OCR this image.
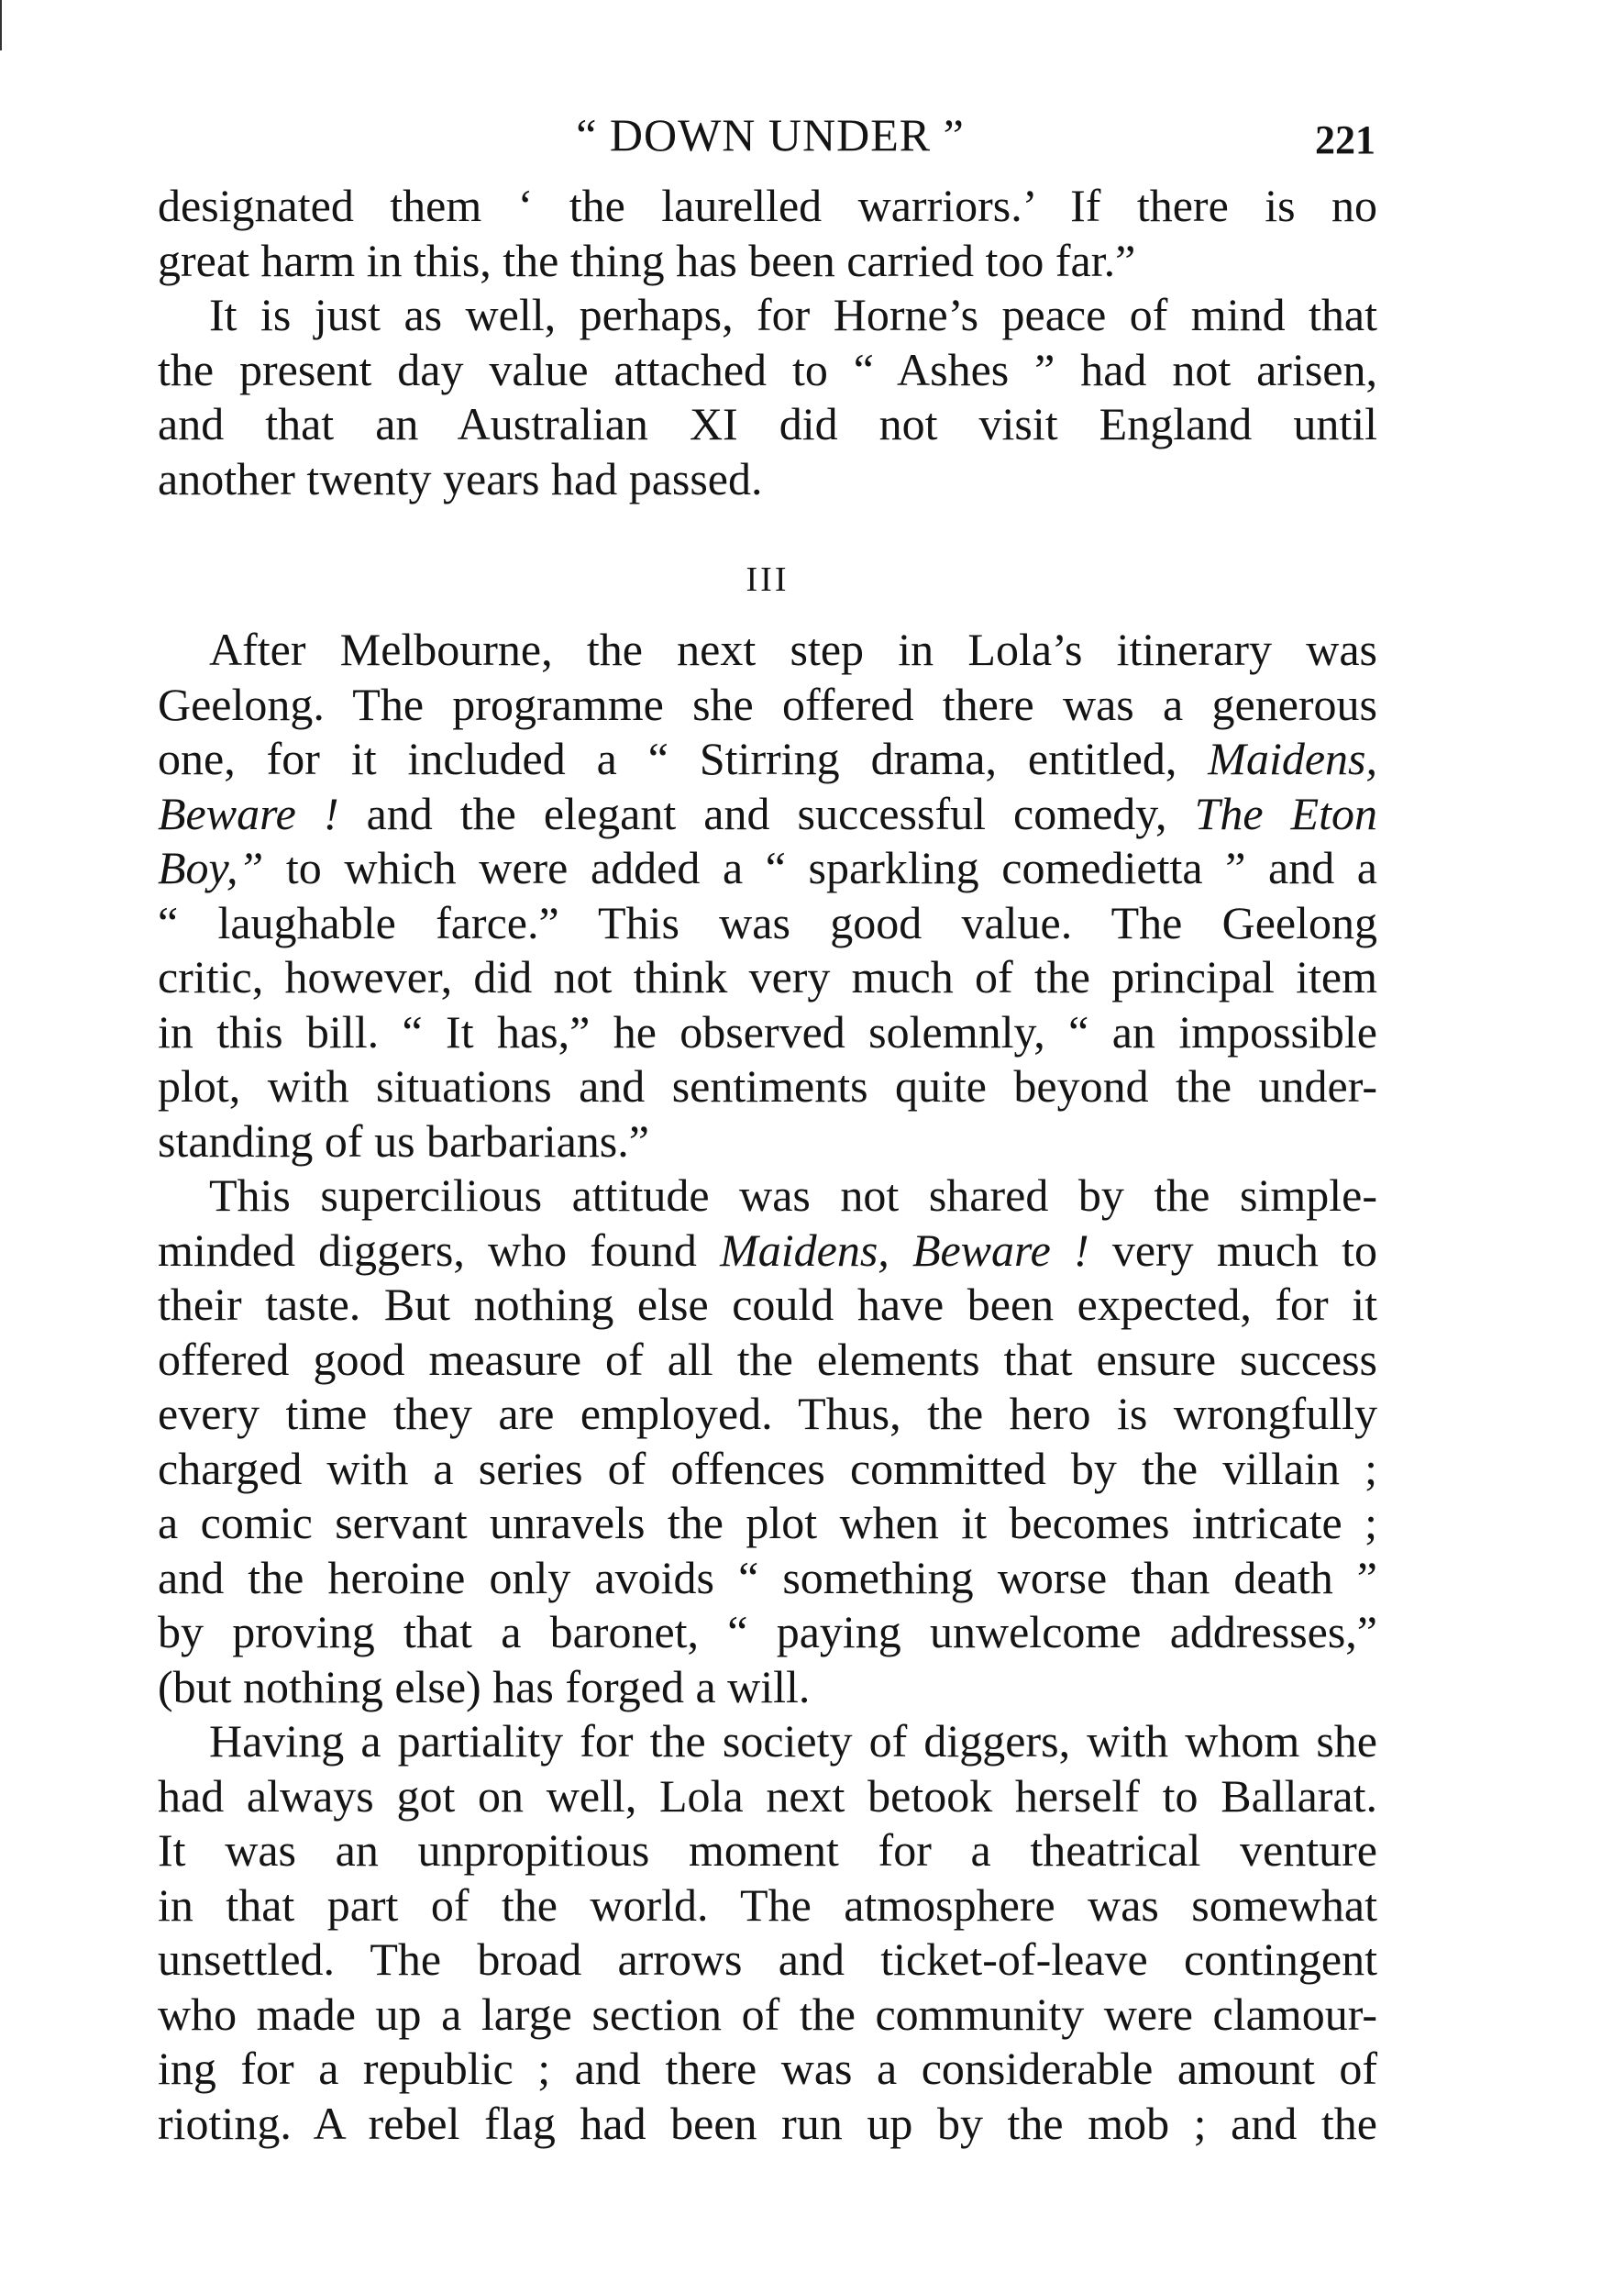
“ DOWN UNDER ”	221

designated them ‘ the laurelled warriors.’ If there is no
great harm in this, the thing has been carried too far.”

It is just as well, perhaps, for Horne’s peace of mind that
the present day value attached to “ Ashes ” had not arisen,
and that an Australian XI did not visit England until
another twenty years had passed.

III

After Melbourne, the next step in Lola’s itinerary was
Geelong. The programme she offered there was a generous
one, for it included a “ Stirring drama, entitled, Maidens,
Beware ! and the elegant and successful comedy, The Eton
Boy,” to which were added a “ sparkling comedietta ” and a
“ laughable farce.” This was good value. The Geelong
critic, however, did not think very much of the principal item
in this bill. “ It has,” he observed solemnly, “ an impossible
plot, with situations and sentiments quite beyond the under-
standing of us barbarians.”

This supercilious attitude was not shared by the simple-
minded diggers, who found Maidens, Beware ! very much to
their taste. But nothing else could have been expected, for it
offered good measure of all the elements that ensure success
every time they are employed. Thus, the hero is wrongfully
charged with a series of offences committed by the villain ;
a comic servant unravels the plot when it becomes intricate ;
and the heroine only avoids “ something worse than death ”
by proving that a baronet, “ paying unwelcome addresses,”
(but nothing else) has forged a will.

Having a partiality for the society of diggers, with whom she
had always got on well, Lola next betook herself to Ballarat.
It was an unpropitious moment for a theatrical venture
in that part of the world. The atmosphere was somewhat
unsettled. The broad arrows and ticket-of-leave contingent
who made up a large section of the community were clamour-
ing for a republic ; and there was a considerable amount of
rioting. A rebel flag had been run up by the mob ; and the
